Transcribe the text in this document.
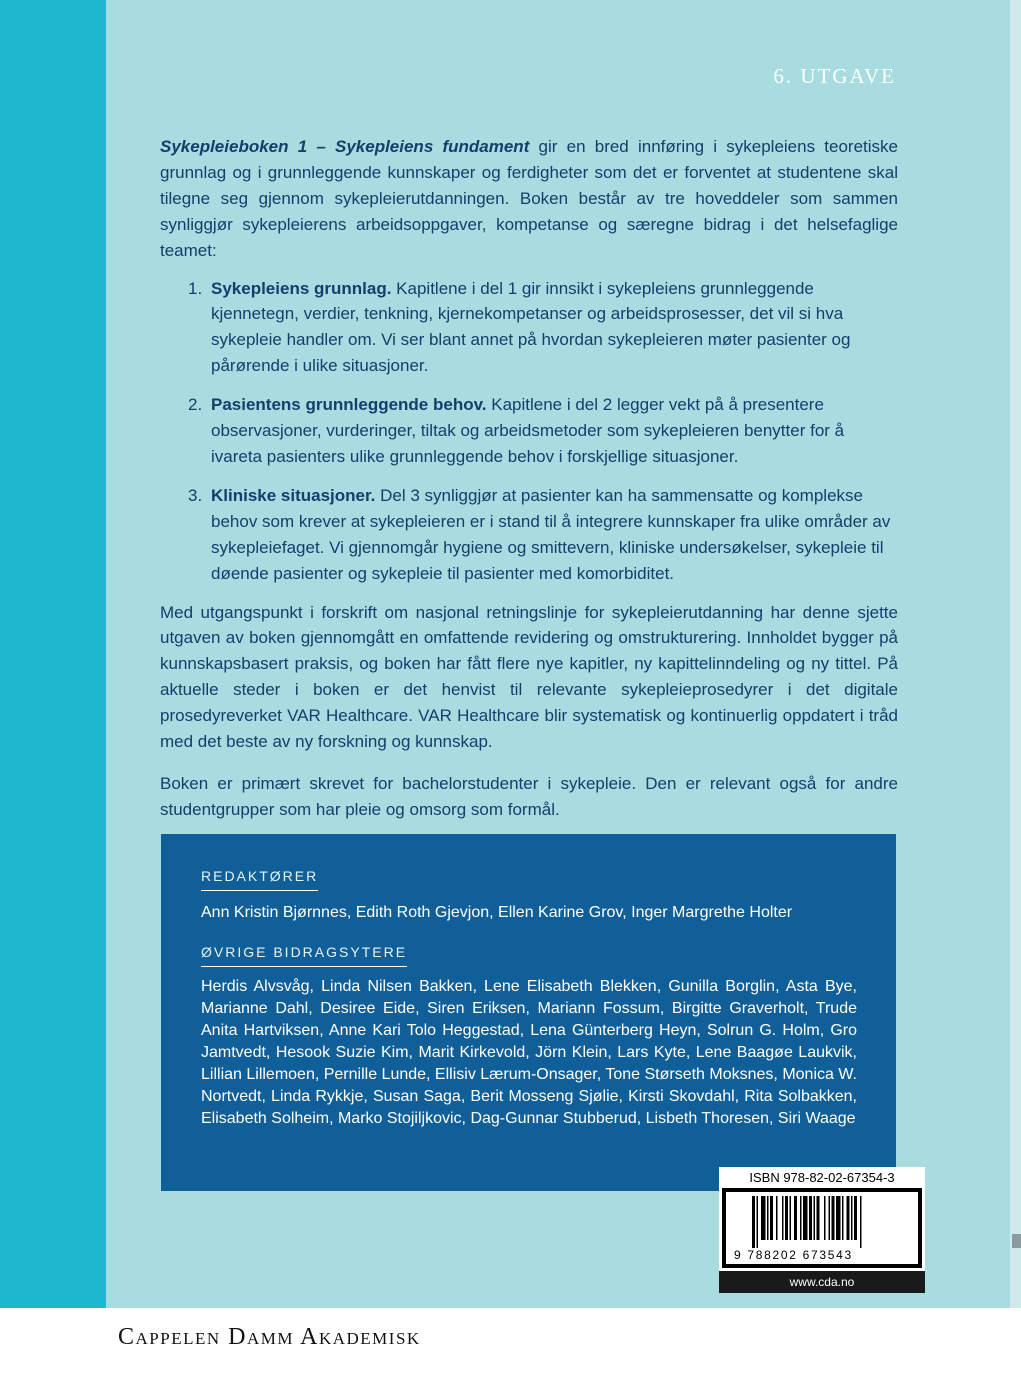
6. UTGAVE

Sykepleieboken 1 – Sykepleiens fundament gir en bred innføring i sykepleiens teoretiske grunnlag og i grunnleggende kunnskaper og ferdigheter som det er forventet at studentene skal tilegne seg gjennom sykepleierutdanningen. Boken består av tre hoveddeler som sammen synliggjør sykepleierens arbeidsoppgaver, kompetanse og særegne bidrag i det helsefaglige teamet:

1. Sykepleiens grunnlag. Kapitlene i del 1 gir innsikt i sykepleiens grunnleggende kjennetegn, verdier, tenkning, kjernekompetanser og arbeidsprosesser, det vil si hva sykepleie handler om. Vi ser blant annet på hvordan sykepleieren møter pasienter og pårørende i ulike situasjoner.
2. Pasientens grunnleggende behov. Kapitlene i del 2 legger vekt på å presentere observasjoner, vurderinger, tiltak og arbeidsmetoder som sykepleieren benytter for å ivareta pasienters ulike grunnleggende behov i forskjellige situasjoner.
3. Kliniske situasjoner. Del 3 synliggjør at pasienter kan ha sammensatte og komplekse behov som krever at sykepleieren er i stand til å integrere kunnskaper fra ulike områder av sykepleiefaget. Vi gjennomgår hygiene og smittevern, kliniske undersøkelser, sykepleie til døende pasienter og sykepleie til pasienter med komorbiditet.

Med utgangspunkt i forskrift om nasjonal retningslinje for sykepleierutdanning har denne sjette utgaven av boken gjennomgått en omfattende revidering og omstrukturering. Innholdet bygger på kunnskapsbasert praksis, og boken har fått flere nye kapitler, ny kapittelinndeling og ny tittel. På aktuelle steder i boken er det henvist til relevante sykepleieprosedyrer i det digitale prosedyreverket VAR Healthcare. VAR Healthcare blir systematisk og kontinuerlig oppdatert i tråd med det beste av ny forskning og kunnskap.

Boken er primært skrevet for bachelorstudenter i sykepleie. Den er relevant også for andre studentgrupper som har pleie og omsorg som formål.

REDAKTØRER
Ann Kristin Bjørnnes, Edith Roth Gjevjon, Ellen Karine Grov, Inger Margrethe Holter
ØVRIGE BIDRAGSYTERE
Herdis Alvsvåg, Linda Nilsen Bakken, Lene Elisabeth Blekken, Gunilla Borglin, Asta Bye, Marianne Dahl, Desiree Eide, Siren Eriksen, Mariann Fossum, Birgitte Graverholt, Trude Anita Hartviksen, Anne Kari Tolo Heggestad, Lena Günterberg Heyn, Solrun G. Holm, Gro Jamtvedt, Hesook Suzie Kim, Marit Kirkevold, Jörn Klein, Lars Kyte, Lene Baagøe Laukvik, Lillian Lillemoen, Pernille Lunde, Ellisiv Lærum-Onsager, Tone Størseth Moksnes, Monica W. Nortvedt, Linda Rykkje, Susan Saga, Berit Mosseng Sjølie, Kirsti Skovdahl, Rita Solbakken, Elisabeth Solheim, Marko Stojiljkovic, Dag-Gunnar Stubberud, Lisbeth Thoresen, Siri Waage
ISBN 978-82-02-67354-3
9 788202 673543
www.cda.no
Cappelen Damm Akademisk
